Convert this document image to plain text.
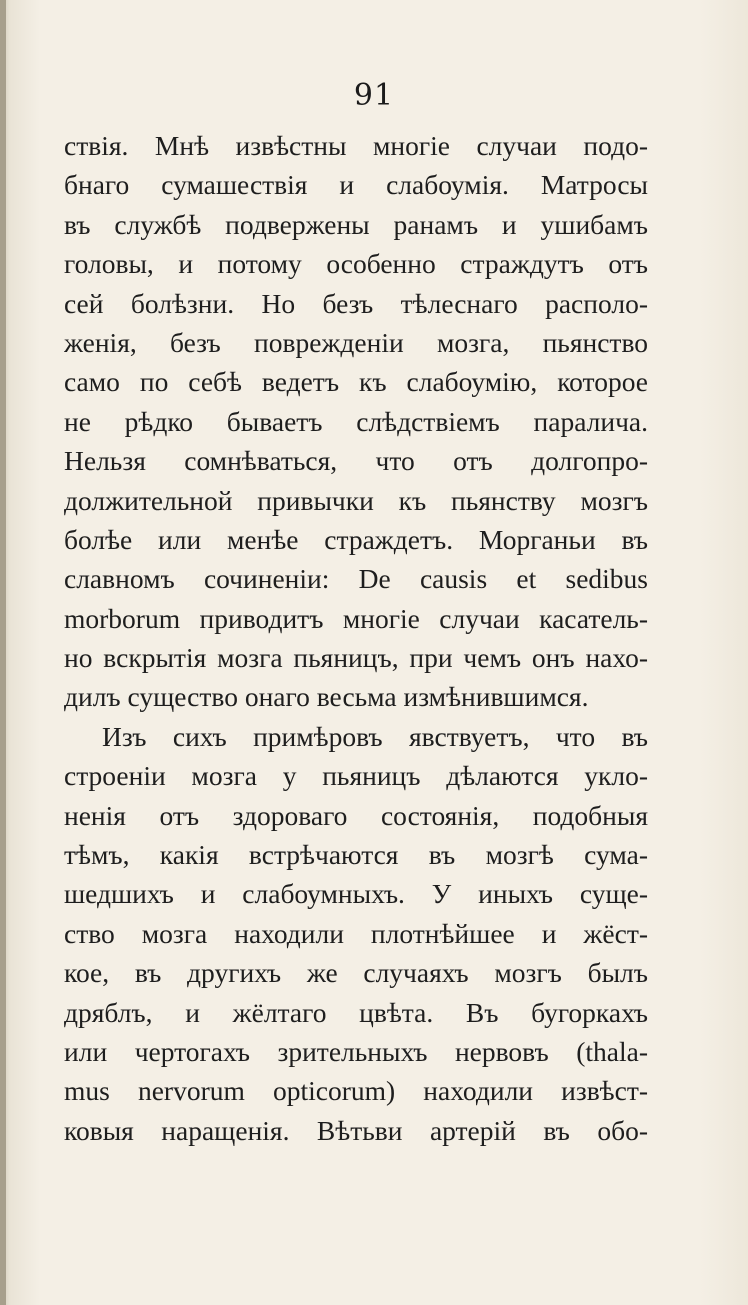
91
ствія. Мнѣ извѣстны многіе случаи подо-
бнаго сумашествія и слабоумія. Матросы
въ службѣ подвержены ранамъ и ушибамъ
головы, и потому особенно страждутъ отъ
сей болѣзни. Но безъ тѣлеснаго располо-
женія, безъ поврежденіи мозга, пьянство
само по себѣ ведетъ къ слабоумію, которое
не рѣдко бываетъ слѣдствіемъ паралича.
Нельзя сомнѣваться, что отъ долгопро-
должительной привычки къ пьянству мозгъ
болѣе или менѣе страждетъ. Морганьи въ
славномъ сочиненіи: De causis et sedibus
morborum приводитъ многіе случаи касатель-
но вскрытія мозга пьяницъ, при чемъ онъ нахо-
дилъ существо онаго весьма измѣнившимся.
Изъ сихъ примѣровъ явствуетъ, что въ
строеніи мозга у пьяницъ дѣлаются укло-
ненія отъ здороваго состоянія, подобныя
тѣмъ, какія встрѣчаются въ мозгѣ сума-
шедшихъ и слабоумныхъ. У иныхъ суще-
ство мозга находили плотнѣйшее и жёст-
кое, въ другихъ же случаяхъ мозгъ былъ
дряблъ, и жёлтаго цвѣта. Въ бугоркахъ
или чертогахъ зрительныхъ нервовъ (thala-
mus nervorum opticorum) находили извѣст-
ковыя наращенія. Вѣтьви артерій въ обо-
